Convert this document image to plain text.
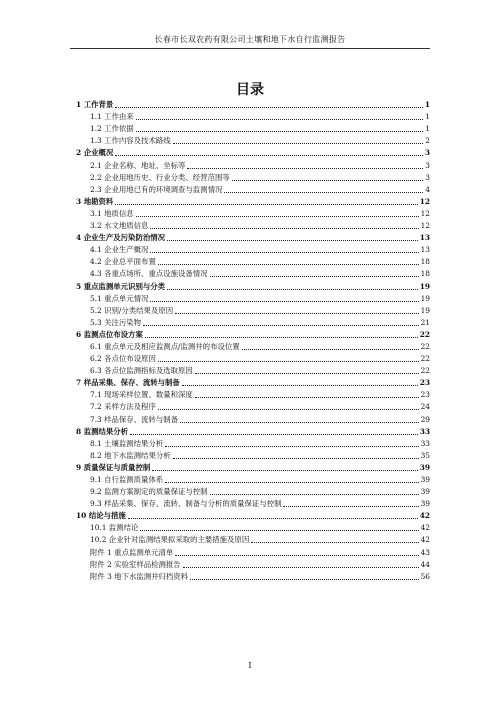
长春市长双农药有限公司土壤和地下水自行监测报告
目录
1 工作背景	1
1.1 工作由来	1
1.2 工作依据	1
1.3 工作内容及技术路线	2
2 企业概况	3
2.1 企业名称、地址、坐标等	3
2.2 企业用地历史、行业分类、经营范围等	3
2.3 企业用地已有的环境调查与监测情况	4
3 地勘资料	12
3.1 地质信息	12
3.2 水文地质信息	12
4 企业生产及污染防治情况	13
4.1 企业生产概况	13
4.2 企业总平面布置	18
4.3 各重点场所、重点设施设备情况	18
5 重点监测单元识别与分类	19
5.1 重点单元情况	19
5.2 识别/分类结果及原因	19
5.3 关注污染物	21
6 监测点位布设方案	22
6.1 重点单元及相应监测点/监测井的布设位置	22
6.2 各点位布设原因	22
6.3 各点位监测指标及选取原因	22
7 样品采集、保存、流转与制备	23
7.1 现场采样位置、数量和深度	23
7.2 采样方法及程序	24
7.3 样品保存、流转与制备	29
8 监测结果分析	33
8.1 土壤监测结果分析	33
8.2 地下水监测结果分析	35
9 质量保证与质量控制	39
9.1 自行监测质量体系	39
9.2 监测方案制定的质量保证与控制	39
9.3 样品采集、保存、流转、制备与分析的质量保证与控制	39
10 结论与措施	42
10.1 监测结论	42
10.2 企业针对监测结果拟采取的主要措施及原因	42
附件 1 重点监测单元清单	43
附件 2 实验室样品检测报告	44
附件 3 地下水监测井归档资料	56
I
